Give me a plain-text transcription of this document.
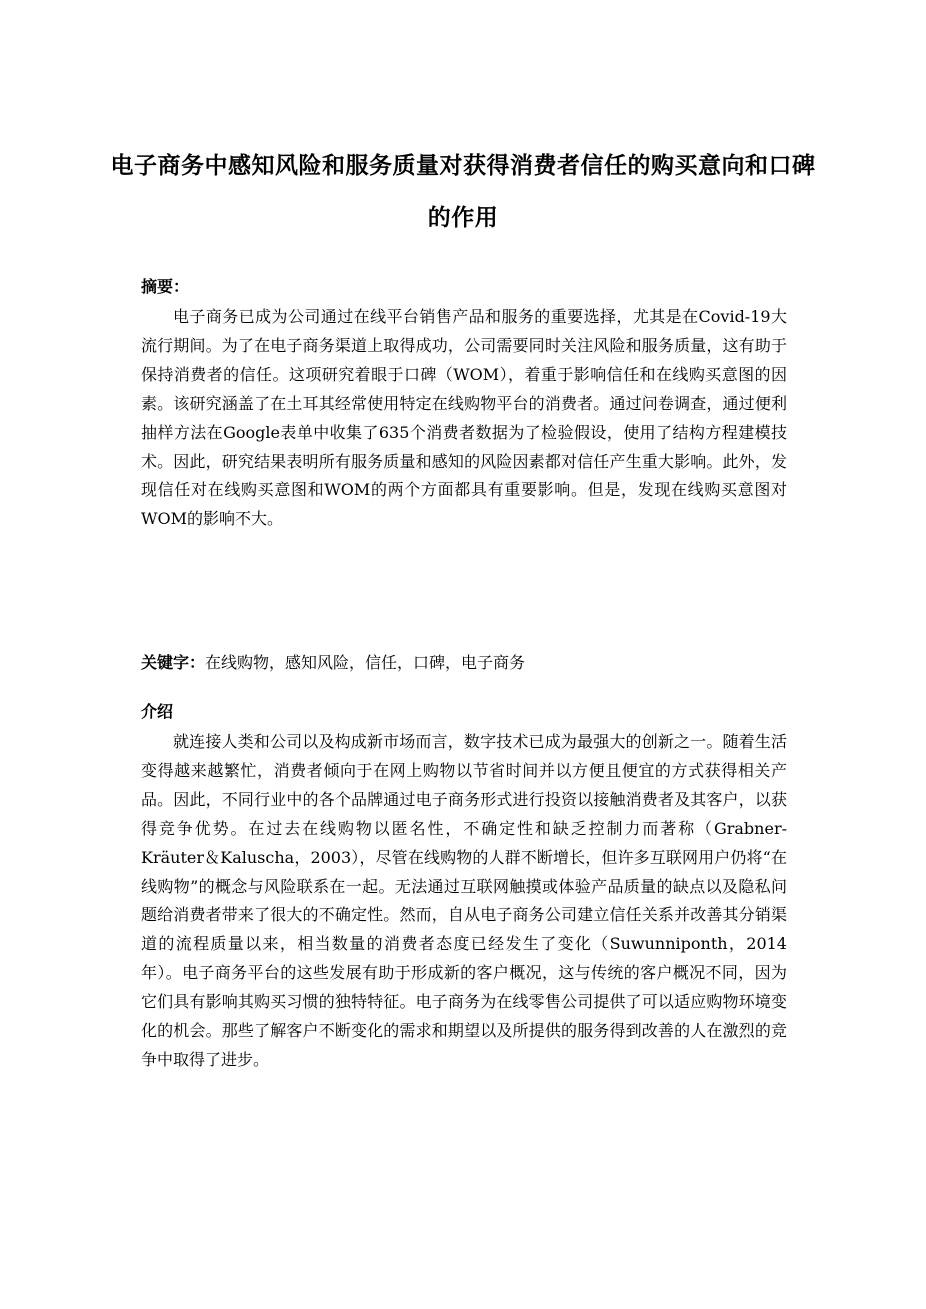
电子商务中感知风险和服务质量对获得消费者信任的购买意向和口碑的作用
摘要：

电子商务已成为公司通过在线平台销售产品和服务的重要选择，尤其是在Covid-19大流行期间。为了在电子商务渠道上取得成功，公司需要同时关注风险和服务质量，这有助于保持消费者的信任。这项研究着眼于口碑（WOM），着重于影响信任和在线购买意图的因素。该研究涵盖了在土耳其经常使用特定在线购物平台的消费者。通过问卷调查，通过便利抽样方法在Google表单中收集了635个消费者数据为了检验假设，使用了结构方程建模技术。因此，研究结果表明所有服务质量和感知的风险因素都对信任产生重大影响。此外，发现信任对在线购买意图和WOM的两个方面都具有重要影响。但是，发现在线购买意图对WOM的影响不大。

关键字：在线购物，感知风险，信任，口碑，电子商务
介绍

就连接人类和公司以及构成新市场而言，数字技术已成为最强大的创新之一。随着生活变得越来越繁忙，消费者倾向于在网上购物以节省时间并以方便且便宜的方式获得相关产品。因此，不同行业中的各个品牌通过电子商务形式进行投资以接触消费者及其客户，以获得竞争优势。在过去在线购物以匿名性，不确定性和缺乏控制力而著称（Grabner-Kräuter＆Kaluscha，2003），尽管在线购物的人群不断增长，但许多互联网用户仍将“在线购物”的概念与风险联系在一起。无法通过互联网触摸或体验产品质量的缺点以及隐私问题给消费者带来了很大的不确定性。然而，自从电子商务公司建立信任关系并改善其分销渠道的流程质量以来，相当数量的消费者态度已经发生了变化（Suwunniponth，2014年）。电子商务平台的这些发展有助于形成新的客户概况，这与传统的客户概况不同，因为它们具有影响其购买习惯的独特特征。电子商务为在线零售公司提供了可以适应购物环境变化的机会。那些了解客户不断变化的需求和期望以及所提供的服务得到改善的人在激烈的竞争中取得了进步。
